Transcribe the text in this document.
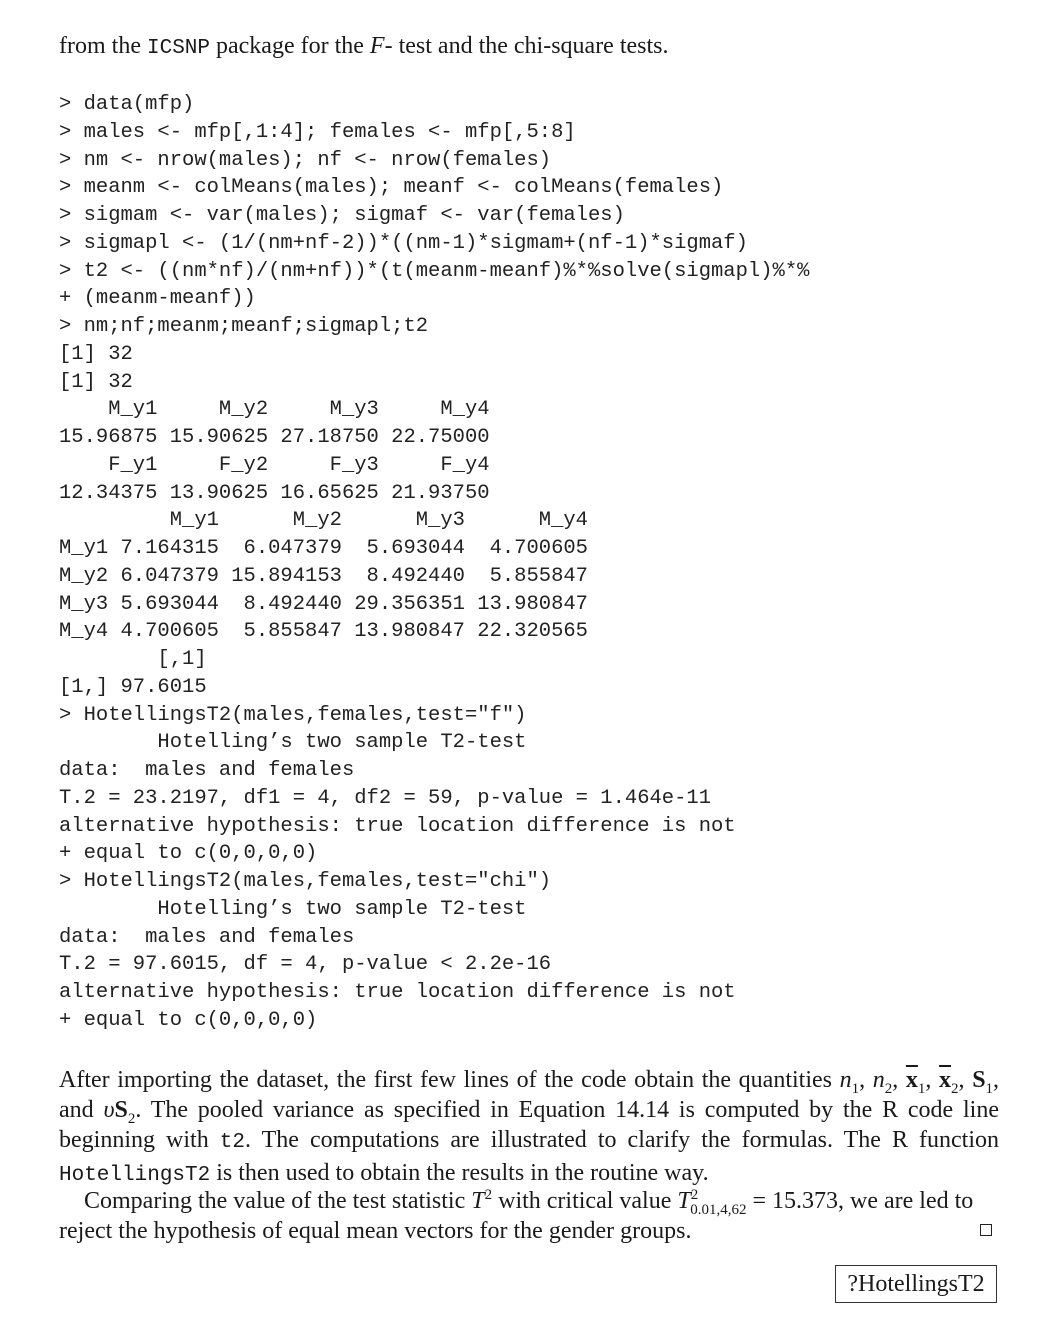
from the ICSNP package for the F- test and the chi-square tests.
> data(mfp)
> males <- mfp[,1:4]; females <- mfp[,5:8]
> nm <- nrow(males); nf <- nrow(females)
> meanm <- colMeans(males); meanf <- colMeans(females)
> sigmam <- var(males); sigmaf <- var(females)
> sigmapl <- (1/(nm+nf-2))*((nm-1)*sigmam+(nf-1)*sigmaf)
> t2 <- ((nm*nf)/(nm+nf))*(t(meanm-meanf)%*%solve(sigmapl)%*%
+ (meanm-meanf))
> nm;nf;meanm;meanf;sigmapl;t2
[1] 32
[1] 32
M_y1     M_y2     M_y3     M_y4
15.96875 15.90625 27.18750 22.75000
F_y1     F_y2     F_y3     F_y4
12.34375 13.90625 16.65625 21.93750
M_y1      M_y2      M_y3      M_y4
M_y1 7.164315  6.047379  5.693044  4.700605
M_y2 6.047379 15.894153  8.492440  5.855847
M_y3 5.693044  8.492440 29.356351 13.980847
M_y4 4.700605  5.855847 13.980847 22.320565
[,1]
[1,] 97.6015
> HotellingsT2(males,females,test="f")
Hotelling’s two sample T2-test
data:  males and females
T.2 = 23.2197, df1 = 4, df2 = 59, p-value = 1.464e-11
alternative hypothesis: true location difference is not
+ equal to c(0,0,0,0)
> HotellingsT2(males,females,test="chi")
Hotelling’s two sample T2-test
data:  males and females
T.2 = 97.6015, df = 4, p-value < 2.2e-16
alternative hypothesis: true location difference is not
+ equal to c(0,0,0,0)
After importing the dataset, the first few lines of the code obtain the quantities $n_1$, $n_2$, $\overline{x}_1$, $\overline{x}_2$, $S_1$, and $\upsilon S_2$. The pooled variance as specified in Equation 14.14 is computed by the R code line beginning with t2. The computations are illustrated to clarify the formulas. The R function HotellingsT2 is then used to obtain the results in the routine way.
Comparing the value of the test statistic $T^2$ with critical value $T^2_{0.01,4,62} = 15.373$, we are led to reject the hypothesis of equal mean vectors for the gender groups.
?HotellingsT2
